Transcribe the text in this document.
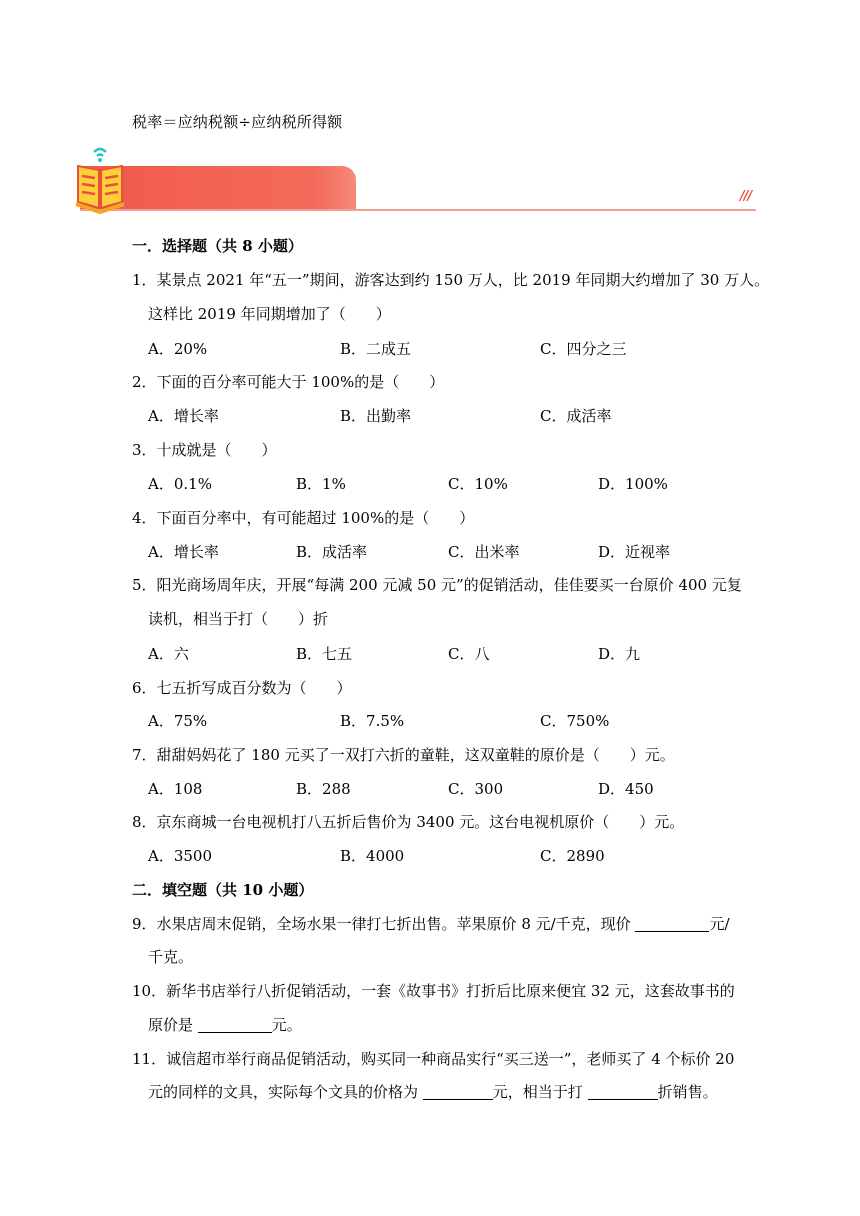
税率＝应纳税额÷应纳税所得额
///
一．选择题（共 8 小题）
1．某景点 2021 年“五一”期间，游客达到约 150 万人，比 2019 年同期大约增加了 30 万人。
这样比 2019 年同期增加了（　　）
A．20%	B．二成五	C．四分之三
2．下面的百分率可能大于 100%的是（　　）
A．增长率	B．出勤率	C．成活率
3．十成就是（　　）
A．0.1%	B．1%	C．10%	D．100%
4．下面百分率中，有可能超过 100%的是（　　）
A．增长率	B．成活率	C．出米率	D．近视率
5．阳光商场周年庆，开展“每满 200 元减 50 元”的促销活动，佳佳要买一台原价 400 元复
读机，相当于打（　　）折
A．六	B．七五	C．八	D．九
6．七五折写成百分数为（　　）
A．75%	B．7.5%	C．750%
7．甜甜妈妈花了 180 元买了一双打六折的童鞋，这双童鞋的原价是（　　）元。
A．108	B．288	C．300	D．450
8．京东商城一台电视机打八五折后售价为 3400 元。这台电视机原价（　　）元。
A．3500	B．4000	C．2890
二．填空题（共 10 小题）
9．水果店周末促销，全场水果一律打七折出售。苹果原价 8 元/千克，现价	元/
千克。
10．新华书店举行八折促销活动，一套《故事书》打折后比原来便宜 32 元，这套故事书的
原价是	元。
11．诚信超市举行商品促销活动，购买同一种商品实行“买三送一”，老师买了 4 个标价 20
元的同样的文具，实际每个文具的价格为	元，相当于打	折销售。
